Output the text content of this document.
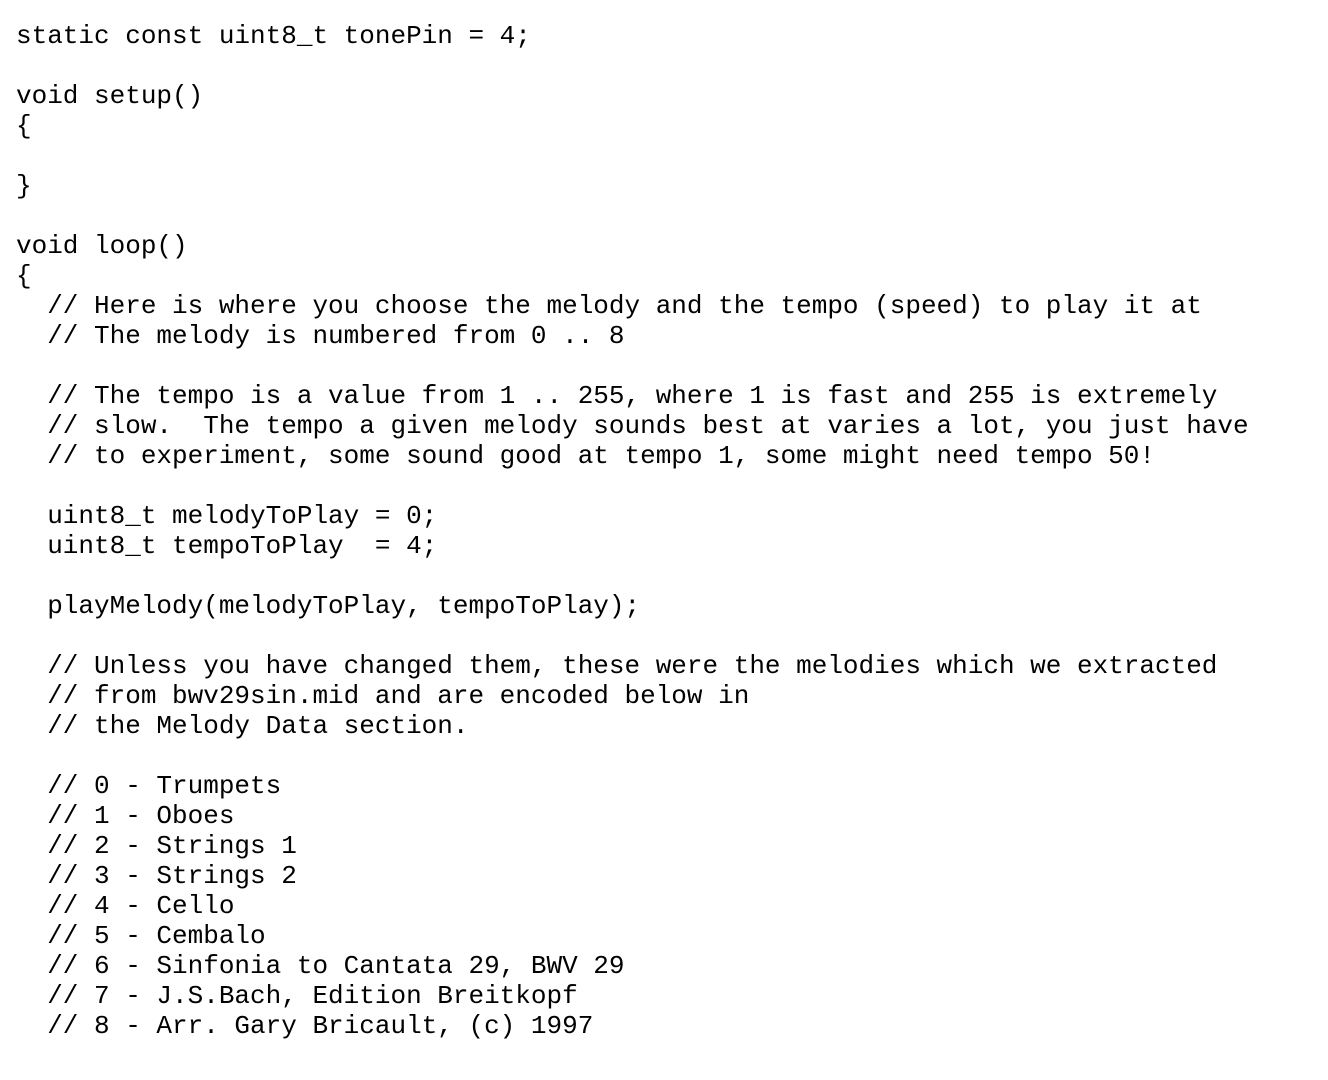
static const uint8_t tonePin = 4;
void setup()
{
}
void loop()
{
// Here is where you choose the melody and the tempo (speed) to play it at
// The melody is numbered from 0 .. 8
// The tempo is a value from 1 .. 255, where 1 is fast and 255 is extremely
// slow.  The tempo a given melody sounds best at varies a lot, you just have
// to experiment, some sound good at tempo 1, some might need tempo 50!
uint8_t melodyToPlay = 0;
uint8_t tempoToPlay  = 4;
playMelody(melodyToPlay, tempoToPlay);
// Unless you have changed them, these were the melodies which we extracted
// from bwv29sin.mid and are encoded below in
// the Melody Data section.
// 0 - Trumpets
// 1 - Oboes
// 2 - Strings 1
// 3 - Strings 2
// 4 - Cello
// 5 - Cembalo
// 6 - Sinfonia to Cantata 29, BWV 29
// 7 - J.S.Bach, Edition Breitkopf
// 8 - Arr. Gary Bricault, (c) 1997
